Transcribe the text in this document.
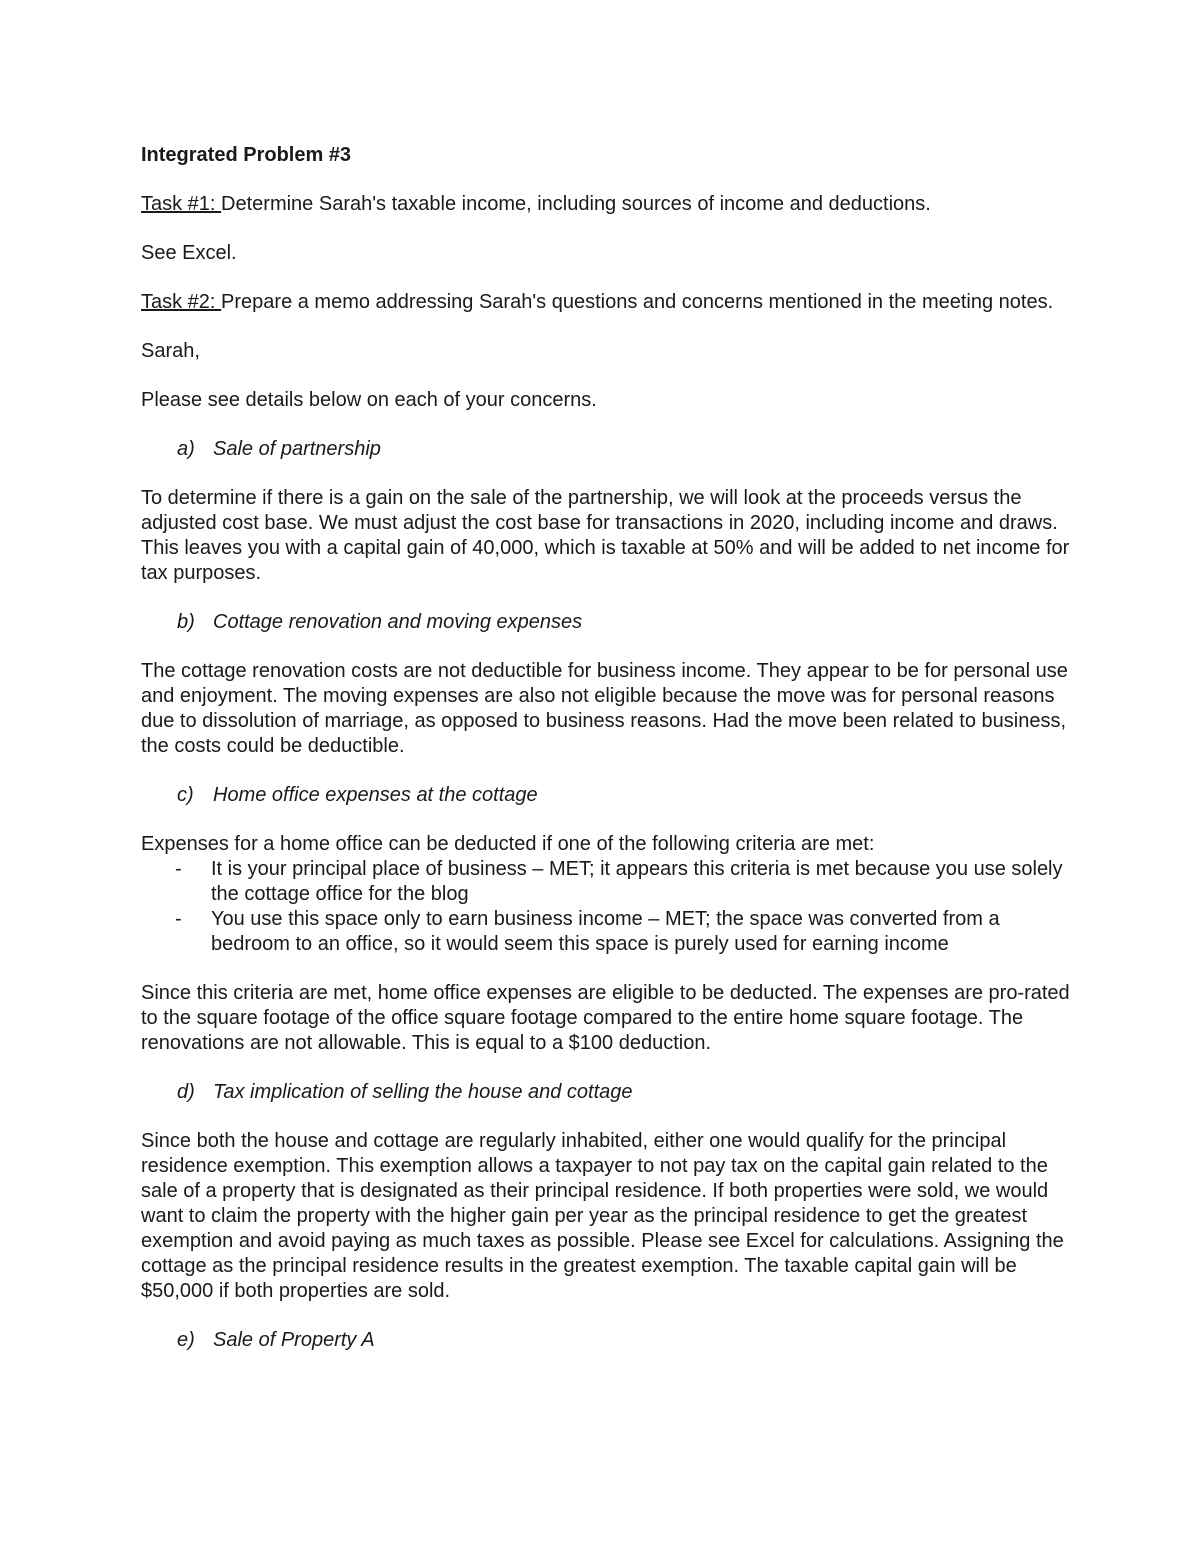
Integrated Problem #3

Task #1: Determine Sarah's taxable income, including sources of income and deductions.

See Excel.

Task #2: Prepare a memo addressing Sarah's questions and concerns mentioned in the meeting notes.

Sarah,

Please see details below on each of your concerns.

a) Sale of partnership

To determine if there is a gain on the sale of the partnership, we will look at the proceeds versus the adjusted cost base. We must adjust the cost base for transactions in 2020, including income and draws. This leaves you with a capital gain of 40,000, which is taxable at 50% and will be added to net income for tax purposes.

b) Cottage renovation and moving expenses

The cottage renovation costs are not deductible for business income. They appear to be for personal use and enjoyment. The moving expenses are also not eligible because the move was for personal reasons due to dissolution of marriage, as opposed to business reasons. Had the move been related to business, the costs could be deductible.

c) Home office expenses at the cottage

Expenses for a home office can be deducted if one of the following criteria are met:

-	It is your principal place of business – MET; it appears this criteria is met because you use solely the cottage office for the blog
-	You use this space only to earn business income – MET; the space was converted from a bedroom to an office, so it would seem this space is purely used for earning income

Since this criteria are met, home office expenses are eligible to be deducted. The expenses are pro-rated to the square footage of the office square footage compared to the entire home square footage. The renovations are not allowable. This is equal to a $100 deduction.

d) Tax implication of selling the house and cottage

Since both the house and cottage are regularly inhabited, either one would qualify for the principal residence exemption. This exemption allows a taxpayer to not pay tax on the capital gain related to the sale of a property that is designated as their principal residence. If both properties were sold, we would want to claim the property with the higher gain per year as the principal residence to get the greatest exemption and avoid paying as much taxes as possible. Please see Excel for calculations. Assigning the cottage as the principal residence results in the greatest exemption. The taxable capital gain will be $50,000 if both properties are sold.

e) Sale of Property A
